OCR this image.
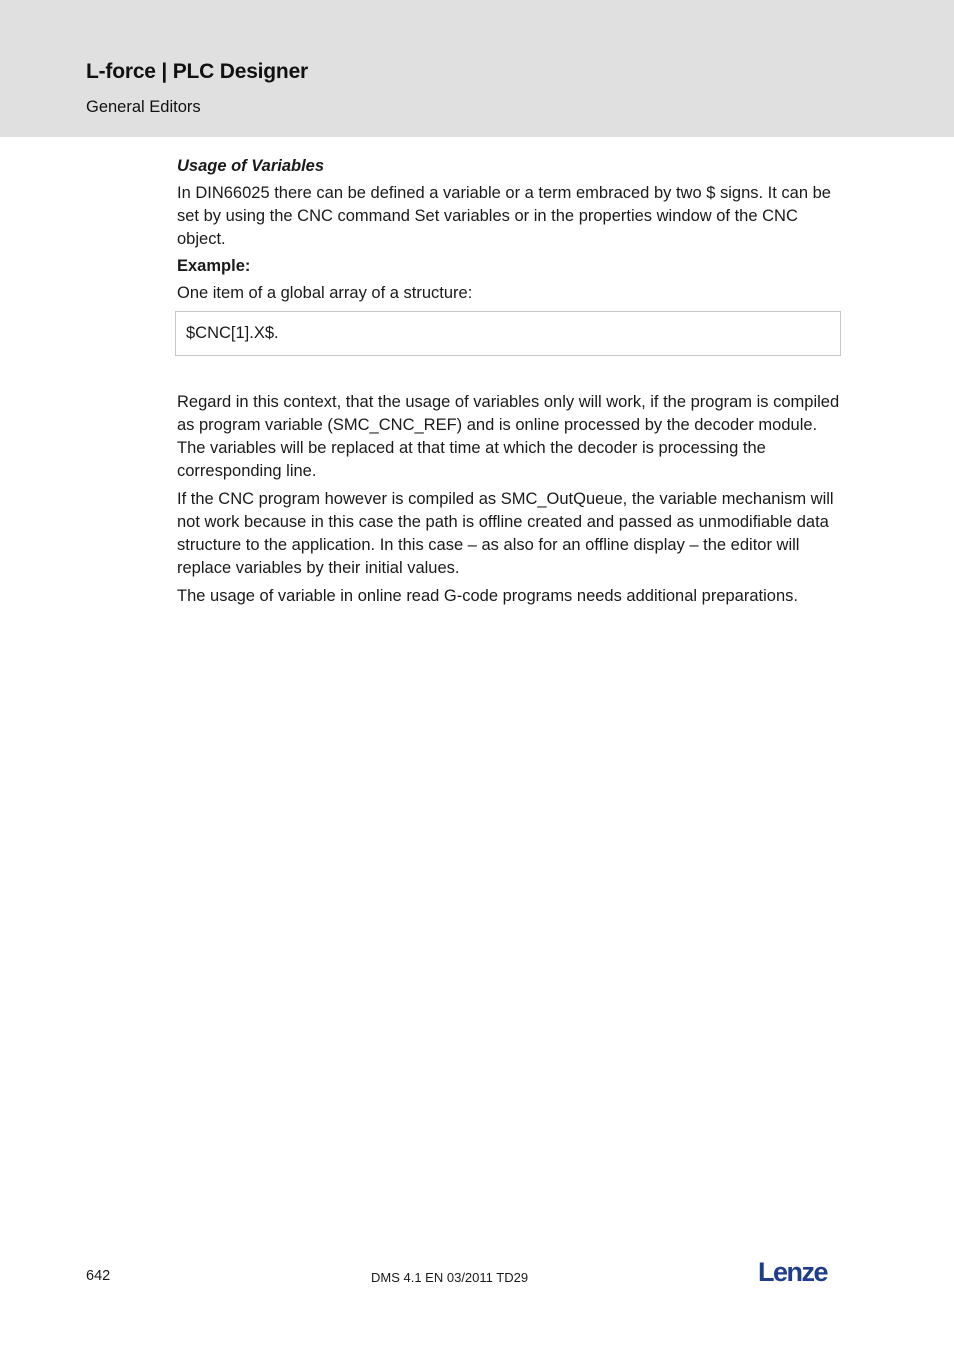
L-force | PLC Designer
General Editors

Usage of Variables

In DIN66025 there can be defined a variable or a term embraced by two $ signs. It can be set by using the CNC command Set variables or in the properties window of the CNC object.

Example:

One item of a global array of a structure:

$CNC[1].X$.

Regard in this context, that the usage of variables only will work, if the program is compiled as program variable (SMC_CNC_REF) and is online processed by the decoder module. The variables will be replaced at that time at which the decoder is processing the corresponding line.

If the CNC program however is compiled as SMC_OutQueue, the variable mechanism will not work because in this case the path is offline created and passed as unmodifiable data structure to the application. In this case – as also for an offline display – the editor will replace variables by their initial values.

The usage of variable in online read G-code programs needs additional preparations.

642	DMS 4.1 EN 03/2011 TD29	Lenze
